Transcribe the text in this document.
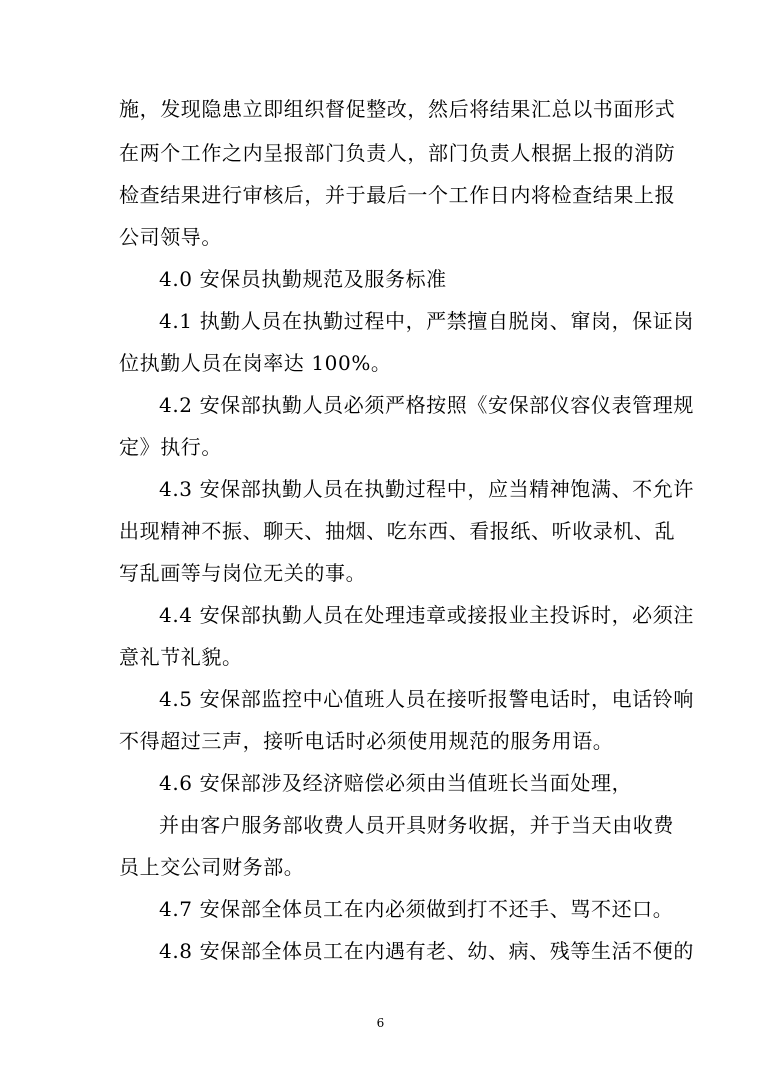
施，发现隐患立即组织督促整改，然后将结果汇总以书面形式
在两个工作之内呈报部门负责人，部门负责人根据上报的消防
检查结果进行审核后，并于最后一个工作日内将检查结果上报
公司领导。
4.0 安保员执勤规范及服务标准
4.1 执勤人员在执勤过程中，严禁擅自脱岗、窜岗，保证岗
位执勤人员在岗率达 100%。
4.2 安保部执勤人员必须严格按照《安保部仪容仪表管理规
定》执行。
4.3 安保部执勤人员在执勤过程中，应当精神饱满、不允许
出现精神不振、聊天、抽烟、吃东西、看报纸、听收录机、乱
写乱画等与岗位无关的事。
4.4 安保部执勤人员在处理违章或接报业主投诉时，必须注
意礼节礼貌。
4.5 安保部监控中心值班人员在接听报警电话时，电话铃响
不得超过三声，接听电话时必须使用规范的服务用语。
4.6 安保部涉及经济赔偿必须由当值班长当面处理，
并由客户服务部收费人员开具财务收据，并于当天由收费
员上交公司财务部。
4.7 安保部全体员工在内必须做到打不还手、骂不还口。
4.8 安保部全体员工在内遇有老、幼、病、残等生活不便的
6
